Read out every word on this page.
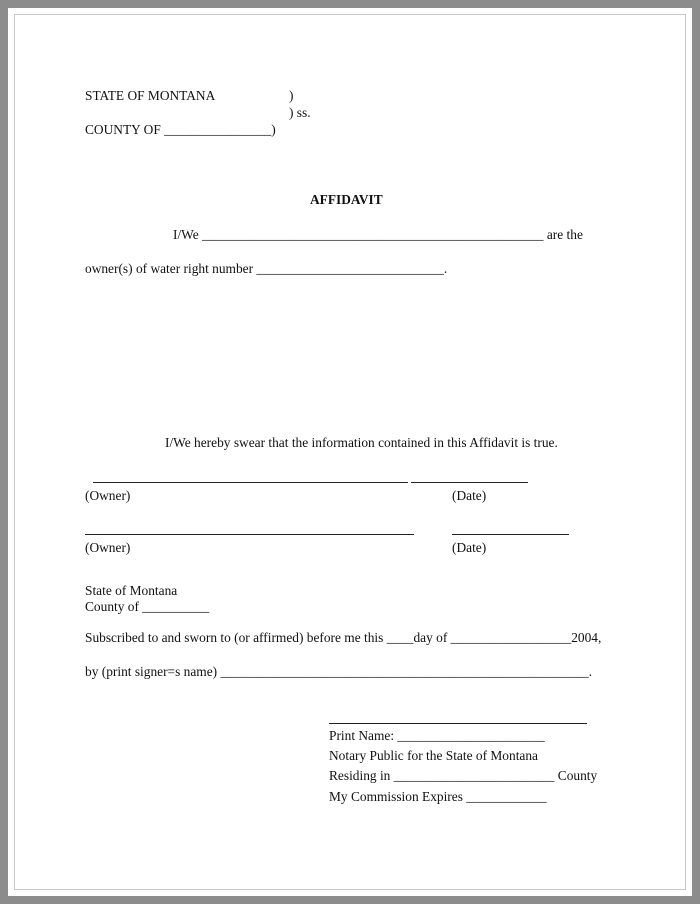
STATE OF MONTANA	)
) ss.
COUNTY OF ________________)
AFFIDAVIT
I/We ___________________________________________________ are the
owner(s) of water right number ____________________________.
I/We hereby swear that the information contained in this Affidavit is true.
(Owner)	(Date)
(Owner)	(Date)
State of Montana
County of __________
Subscribed to and sworn to (or affirmed) before me this ____day of __________________2004,
by (print signer=s name) _______________________________________________________.
Print Name: ______________________
Notary Public for the State of Montana
Residing in ________________________ County
My Commission Expires ____________
